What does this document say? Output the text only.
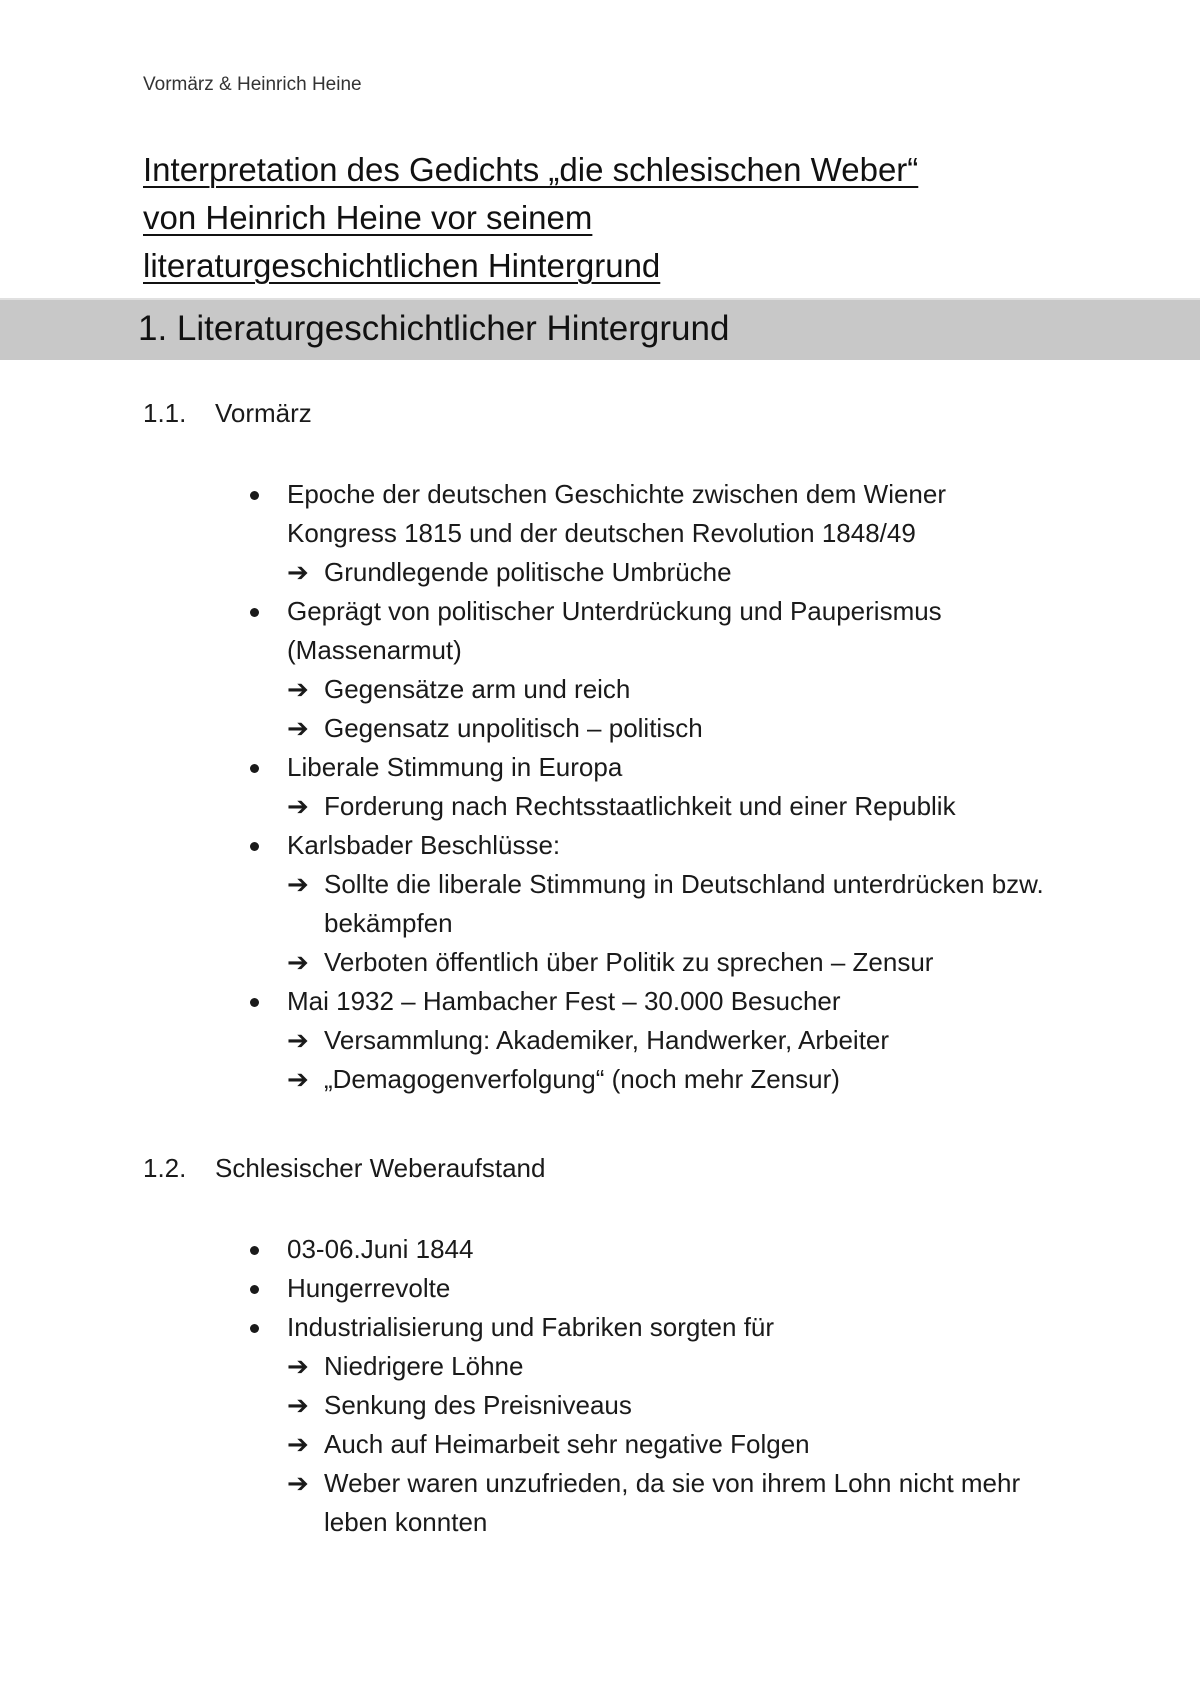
Vormärz & Heinrich Heine
Interpretation des Gedichts „die schlesischen Weber“
von Heinrich Heine vor seinem
literaturgeschichtlichen Hintergrund
1. Literaturgeschichtlicher Hintergrund
1.1. Vormärz
Epoche der deutschen Geschichte zwischen dem Wiener
Kongress 1815 und der deutschen Revolution 1848/49
➔ Grundlegende politische Umbrüche
Geprägt von politischer Unterdrückung und Pauperismus
(Massenarmut)
➔ Gegensätze arm und reich
➔ Gegensatz unpolitisch – politisch
Liberale Stimmung in Europa
➔ Forderung nach Rechtsstaatlichkeit und einer Republik
Karlsbader Beschlüsse:
➔ Sollte die liberale Stimmung in Deutschland unterdrücken bzw. bekämpfen
➔ Verboten öffentlich über Politik zu sprechen – Zensur
Mai 1932 – Hambacher Fest – 30.000 Besucher
➔ Versammlung: Akademiker, Handwerker, Arbeiter
➔ „Demagogenverfolgung“ (noch mehr Zensur)
1.2. Schlesischer Weberaufstand
03-06.Juni 1844
Hungerrevolte
Industrialisierung und Fabriken sorgten für
➔ Niedrigere Löhne
➔ Senkung des Preisniveaus
➔ Auch auf Heimarbeit sehr negative Folgen
➔ Weber waren unzufrieden, da sie von ihrem Lohn nicht mehr leben konnten
